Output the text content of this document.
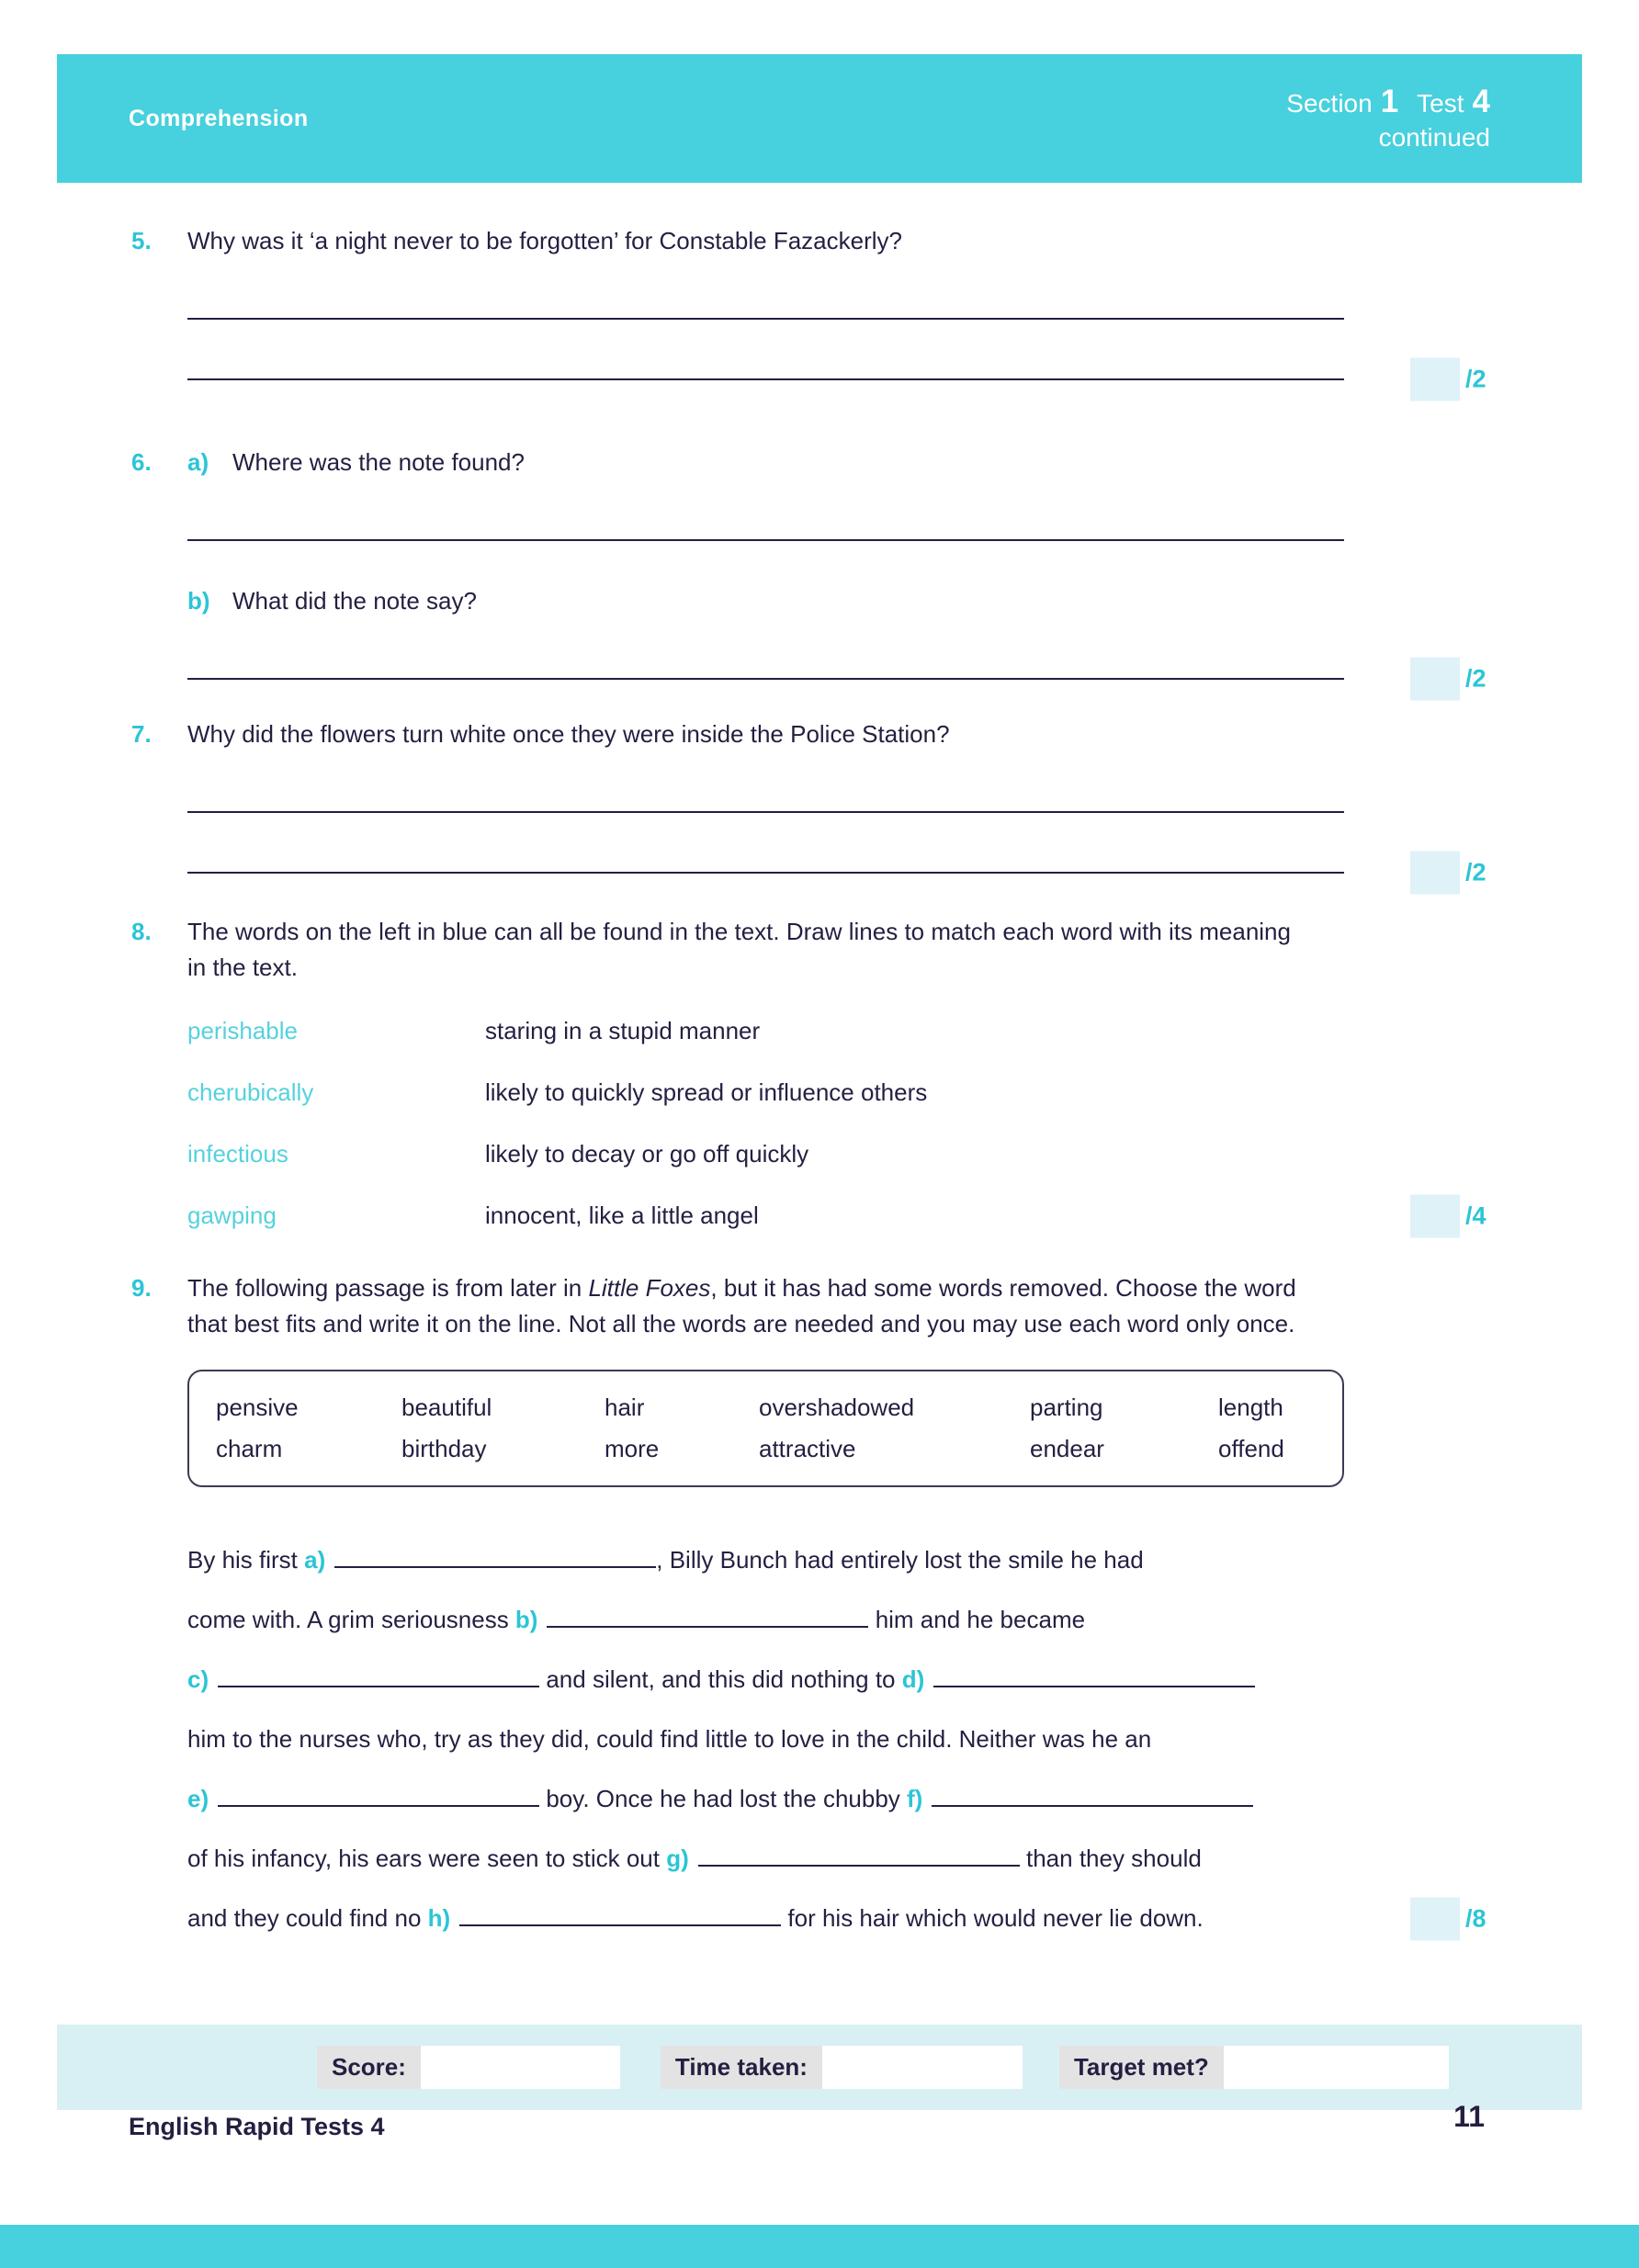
Comprehension
Section 1 Test 4
continued
5.	Why was it ‘a night never to be forgotten’ for Constable Fazackerly?

/2
6.	a) Where was the note found?
b) What did the note say?
/2
7.	Why did the flowers turn white once they were inside the Police Station?

/2
8.	The words on the left in blue can all be found in the text. Draw lines to match each word with its meaning in the text.

perishable	staring in a stupid manner
cherubically	likely to quickly spread or influence others
infectious	likely to decay or go off quickly
gawping	innocent, like a little angel	/4
9.	The following passage is from later in Little Foxes, but it has had some words removed. Choose the word that best fits and write it on the line. Not all the words are needed and you may use each word only once.

pensive	beautiful	hair	overshadowed	parting	length
charm	birthday	more	attractive	endear	offend
By his first a)	, Billy Bunch had entirely lost the smile he had
come with. A grim seriousness b)	him and he became
c)	and silent, and this did nothing to d)
him to the nurses who, try as they did, could find little to love in the child. Neither was he an
e)	boy. Once he had lost the chubby f)
of his infancy, his ears were seen to stick out g)	than they should
and they could find no h)	for his hair which would never lie down.	/8
Score:	Time taken:	Target met?
English Rapid Tests 4	11
